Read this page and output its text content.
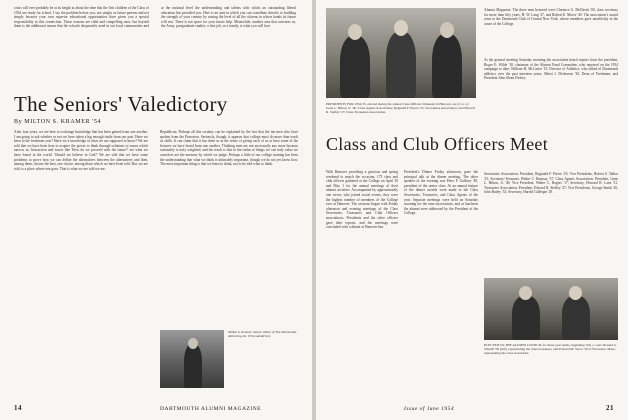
crisis will ever probably be at its height at about the time that the first children of the Class of 1954 are ready for school. I say the problem before you, not simply as future parents and not simply because your own superior educational opportunities have given you a special responsibility in this connection. These reasons are valid and compelling ones, but beyond them is the additional reason that the schools desperately need in our local communities and at the national level the understanding and talents with which an outstanding liberal education has provided you. Here is an area in which you can contribute directly to building the strength of your country by raising the level of all the citizens in whose hands its future will rest. There is not space for your future help. Meanwhile, another area that concerns us, the Army, postgraduate studies, a first job, or a family, is what you will face.
The Seniors' Valedictory
By MILTON S. KRAMER '54
After four years, we are here to exchange knowledge that has been gained from one another. I am going to ask whether or not we have taken a big enough stride from our past. Have we been to the freshman year? Have we a knowledge of what we are supposed to know? We are told that we have been here to acquire the power to think through solutions to issues which narrow us. Instruction and issues like 'How do we proceed with the future?' are what we have found in the world. 'Should we believe in God?' We are told that we have some problems to prove how we can define the alternatives between the alternatives and then, among them, choose the best, one choice, among those which we have been told. But, we are told, is a place where one goes. That is what we are told we are.
Republican. Perhaps all this scrutiny can be explained by the fact that the ten men who have spoken from the Princeton. Seriously, though, it appears that college must do more than teach us skills. It can claim that it has done so in the sense of giving each of us at least some of the lectures we have heard from one another. Thinking men are not necessarily any more because rationality is truly weighted, and the result is that in the realm of things we can truly value we ourselves are the measure by which we judge. Perhaps a little of our college training has been the understanding that what we think is ultimately important, though we do not yet know how. The most important thing is that we learn to think, not to be told what to think.
Milton S. Kramer, Senior editor of The Dartmouth, delivering the 1954 valedictory.
14	DARTMOUTH ALUMNI MAGAZINE
Alumni Magazine. The three men honored were Clarence G. McDavitt '00, class secretary for more than fifty years, H. W. Lang '27, and Robert E. Morse '40. The association's award went to the Dartmouth Club of Central New York, whose members gave unselfishly in the cause of the College.
At the general meeting Saturday morning the association heard reports from the president, Roger E. Wilde '10, chairman of the Alumni Fund Committee, who reported on the 1954 campaign to date; William H. McCarter '19, Director of Athletics, who talked of Dartmouth athletics over the past nineteen years; Albert I. Dickerson '30, Dean of Freshmen; and President John Sloan Dickey.
PRESIDENTS FOR 1954-55, elected during the annual Class Officers Weekend in Hanover, are (l. to r.): Gene L. Hilton, Jr. '40, Class Agents Association; Reginald F. Pierce '25, Secretaries Association; and Edward R. Steffey '27, Class Treasurers Association.
Class and Club Officers Meet
With Hanover providing a gracious and spring weekend to match the occasion, 175 class and club officers gathered at the College on April 30 and May 1 for the annual meetings of their alumni societies. Accompanied by approximately one wives, who joined social events, they were the highest number of members of the College ever at Hanover. The sessions began with Friday afternoon and evening meetings of the Class Secretaries, Treasurers and Club Officers associations. Presidents and the other officers gave their reports, and the meetings were concluded with a dinner at Hanover Inn.
President's Dinner Friday afternoon, gave the principal talk at the dinner meeting. The other speaker of the evening was Peter F. Gaffney '49, president of the senior class. At an annual feature of the dinner awards were made to the Class Secretaries, Treasurers, and Class Agents of the year. Separate meetings were held on Saturday morning for the nine associations, and at luncheon the alumni were addressed by the President of the College.
Secretaries Association: President, Reginald F. Pierce '25; Vice Presidents, Robert S. Talbot '25, Secretary-Treasurer, Walter C. Ramsay '37. Class Agents Association: President, Gene L. Hilton, Jr. '40; Vice President, Walter C. Rogers '17; Secretary, Howard R. Lane '31. Treasurers Association: President, Edward R. Steffey '27; Vice Presidents, George Smith '20, John Bailey '33; Secretary, Harold Gillespie '29.
ELECTED TO THE ALUMNI COUNCIL for three-year terms, beginning July 1, were Donald G. Scheidt '06 (left), representing the class treasurers, and Edward M. Snow '30 of Worcester, Mass., representing the class secretaries.
Issue of June 1954	21
